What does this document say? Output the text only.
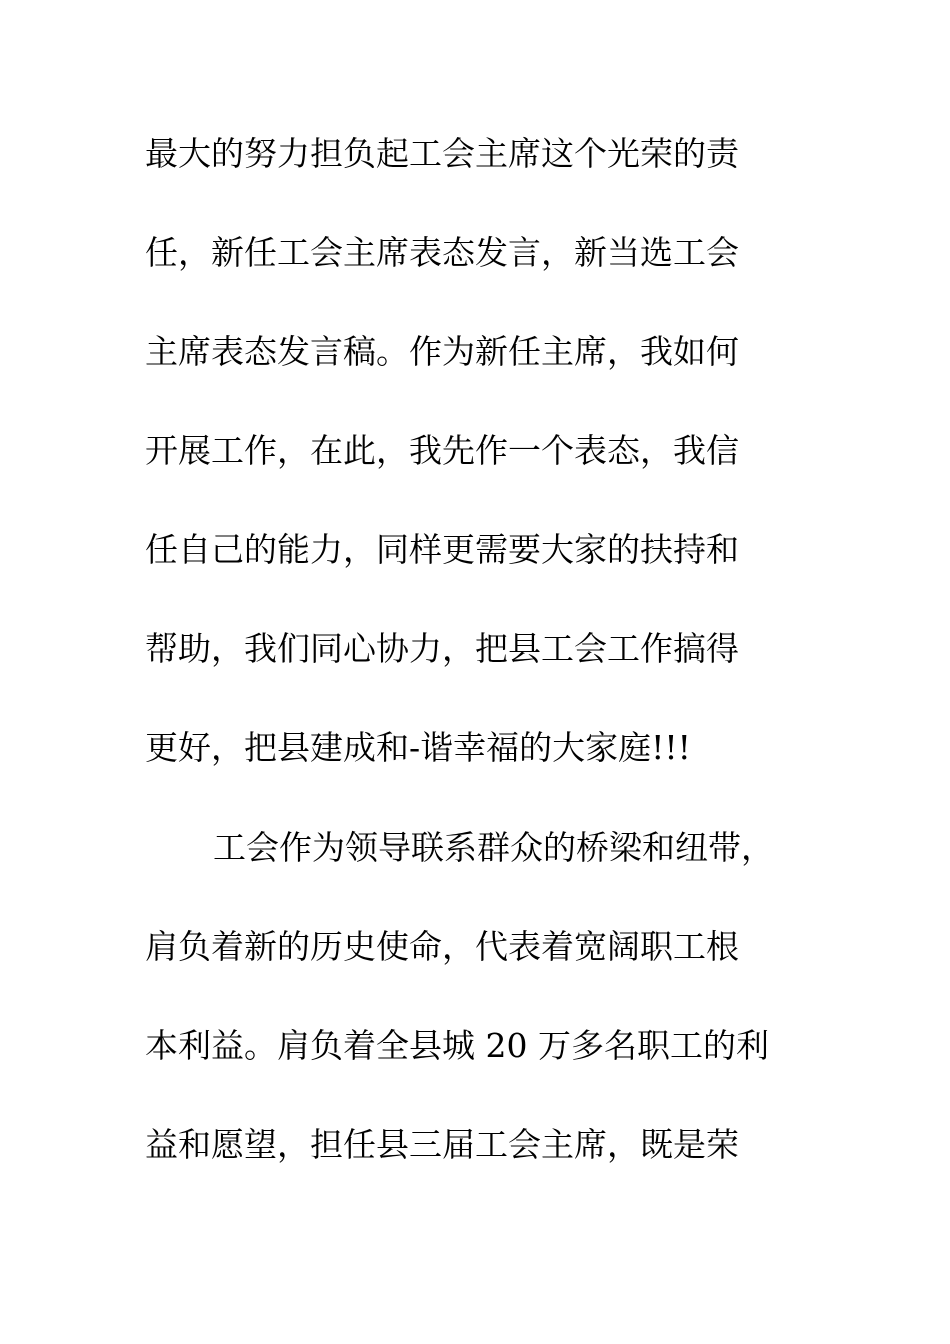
最大的努力担负起工会主席这个光荣的责
任，新任工会主席表态发言，新当选工会
主席表态发言稿。作为新任主席，我如何
开展工作，在此，我先作一个表态，我信
任自己的能力，同样更需要大家的扶持和
帮助，我们同心协力，把县工会工作搞得
更好，把县建成和-谐幸福的大家庭!!!
工会作为领导联系群众的桥梁和纽带，
肩负着新的历史使命，代表着宽阔职工根
本利益。肩负着全县城 20 万多名职工的利
益和愿望，担任县三届工会主席，既是荣
